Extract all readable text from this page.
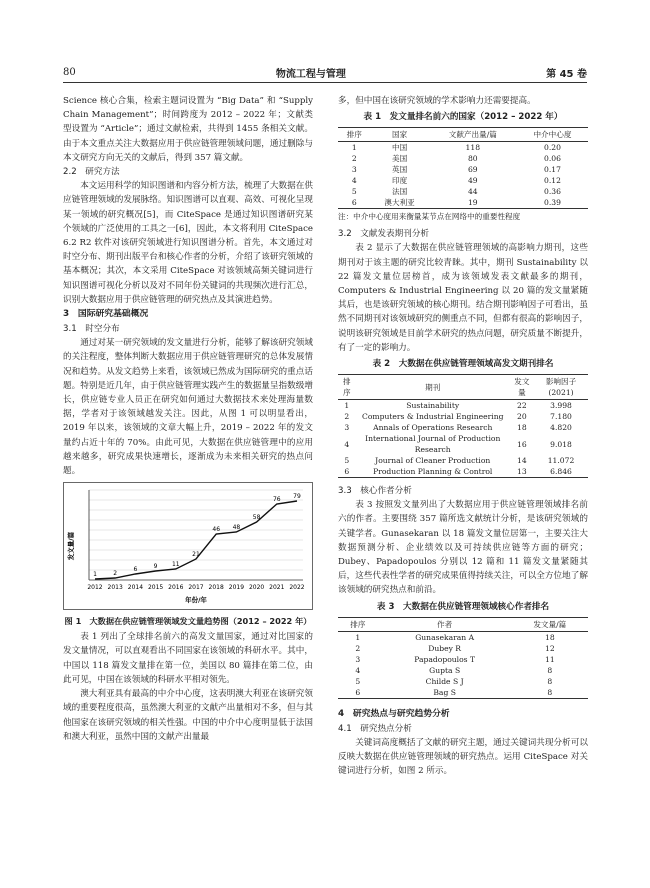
80	物流工程与管理	第 45 卷

Science 核心合集，检索主题词设置为 “Big Data” 和 “Supply Chain Management”；时间跨度为 2012 – 2022 年；文献类型设置为 “Article”；通过文献检索，共得到 1455 条相关文献。由于本文重点关注大数据应用于供应链管理领域问题，通过删除与本文研究方向无关的文献后，得到 357 篇文献。

2.2　研究方法

本文运用科学的知识图谱和内容分析方法，梳理了大数据在供应链管理领域的发展脉络。知识图谱可以直观、高效、可视化呈现某一领域的研究概况[5]，而 CiteSpace 是通过知识图谱研究某个领域的广泛使用的工具之一[6]，因此，本文将利用 CiteSpace 6.2 R2 软件对该研究领域进行知识图谱分析。首先，本文通过对时空分布、期刊出版平台和核心作者的分析，介绍了该研究领域的基本概况；其次，本文采用 CiteSpace 对该领域高频关键词进行知识图谱可视化分析以及对不同年份关键词的共现频次进行汇总，识别大数据应用于供应链管理的研究热点及其演进趋势。

3　国际研究基础概况
3.1　时空分布

通过对某一研究领域的发文量进行分析，能够了解该研究领域的关注程度，整体判断大数据应用于供应链管理研究的总体发展情况和趋势。从发文趋势上来看，该领域已然成为国际研究的重点话题。特别是近几年，由于供应链管理实践产生的数据量呈指数级增长，供应链专业人员正在研究如何通过大数据技术来处理海量数据，学者对于该领域越发关注。因此，从图 1 可以明显看出，2019 年以来，该领域的文章大幅上升，2019 – 2022 年的发文量约占近十年的 70%。由此可见，大数据在供应链管理中的应用越来越多，研究成果快速增长，逐渐成为未来相关研究的热点问题。

2012 2013 2014 2015 2016 2017 2018 2019 2020 2021 2022
年份/年
1	2
6	9 11
21
46 48
58
76 79
发文量/篇
图 1　大数据在供应链管理领域发文量趋势图（2012 – 2022 年）

表 1 列出了全球排名前六的高发文量国家，通过对比国家的发文量情况，可以直观看出不同国家在该领域的科研水平。其中，中国以 118 篇发文量排在第一位，美国以 80 篇排在第二位，由此可见，中国在该领域的科研水平相对领先。

澳大利亚具有最高的中介中心度，这表明澳大利亚在该研究领域的重要程度很高，虽然澳大利亚的文献产出量相对不多，但与其他国家在该研究领域的相关性强。中国的中介中心度明显低于法国和澳大利亚，虽然中国的文献产出量最

多，但中国在该研究领域的学术影响力还需要提高。

表 1　发文量排名前六的国家（2012 – 2022 年）
排序	国家	文献产出量/篇	中介中心度
1	中国	118	0.20
2	美国	80	0.06
3	英国	69	0.17
4	印度	49	0.12
5	法国	44	0.36
6	澳大利亚	19	0.39
注：中介中心度用来衡量某节点在网络中的重要性程度
3.2　文献发表期刊分析

表 2 显示了大数据在供应链管理领域的高影响力期刊，这些期刊对于该主题的研究比较青睐。其中，期刊 Sustainability 以 22 篇发文量位居榜首，成为该领域发表文献最多的期刊，Computers & Industrial Engineering 以 20 篇的发文量紧随其后，也是该研究领域的核心期刊。结合期刊影响因子可看出，虽然不同期刊对该领域研究的侧重点不同，但都有很高的影响因子，说明该研究领域是目前学术研究的热点问题，研究质量不断提升，有了一定的影响力。

表 2　大数据在供应链管理领域高发文期刊排名
排序	期刊	发文量	影响因子(2021)
1	Sustainability	22	3.998
2	Computers & Industrial Engineering	20	7.180
3	Annals of Operations Research	18	4.820
4	International Journal of Production Research	16	9.018
5	Journal of Cleaner Production	14	11.072
6	Production Planning & Control	13	6.846
3.3　核心作者分析

表 3 按照发文量列出了大数据应用于供应链管理领域排名前六的作者。主要围绕 357 篇所选文献统计分析，是该研究领域的关键学者。Gunasekaran 以 18 篇发文量位居第一，主要关注大数据预测分析、企业绩效以及可持续供应链等方面的研究；Dubey、Papadopoulos 分别以 12 篇和 11 篇发文量紧随其后，这些代表性学者的研究成果值得持续关注，可以全方位地了解该领域的研究热点和前沿。

表 3　大数据在供应链管理领域核心作者排名
排序	作者	发文量/篇
1	Gunasekaran A	18
2	Dubey R	12
3	Papadopoulos T	11
4	Gupta S	8
5	Childe S J	8
6	Bag S	8
4　研究热点与研究趋势分析
4.1　研究热点分析

关键词高度概括了文献的研究主题，通过关键词共现分析可以反映大数据在供应链管理领域的研究热点。运用 CiteSpace 对关键词进行分析，如图 2 所示。
